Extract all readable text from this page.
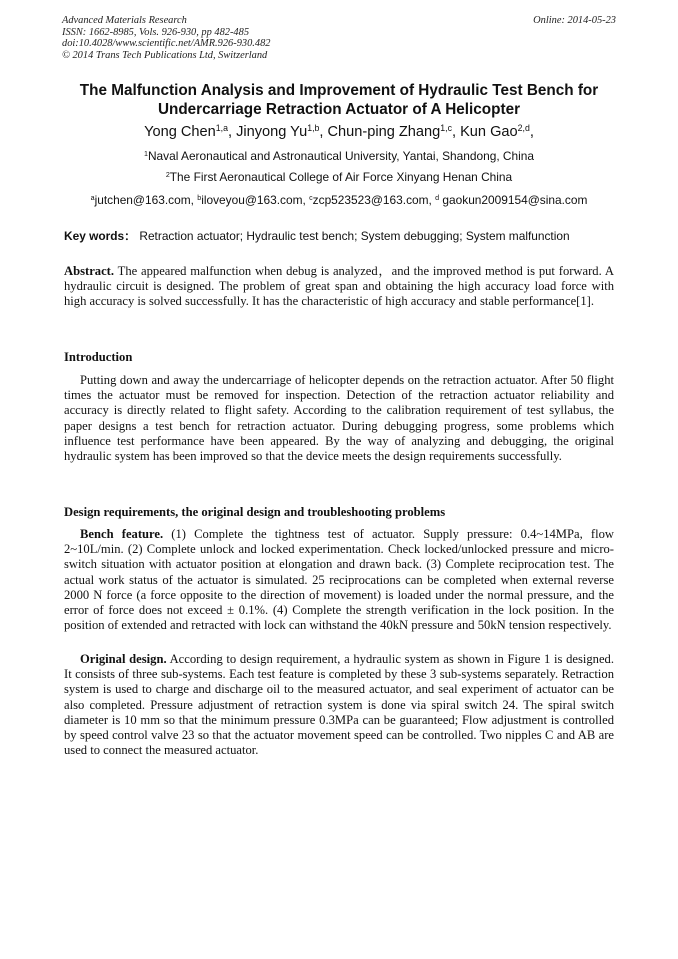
Advanced Materials Research
ISSN: 1662-8985, Vols. 926-930, pp 482-485
doi:10.4028/www.scientific.net/AMR.926-930.482
© 2014 Trans Tech Publications Ltd, Switzerland
Online: 2014-05-23
The Malfunction Analysis and Improvement of Hydraulic Test Bench for Undercarriage Retraction Actuator of A Helicopter
Yong Chen$^{1,a}$, Jinyong Yu$^{1,b}$, Chun-ping Zhang$^{1,c}$, Kun Gao$^{2,d}$,
$^1$Naval Aeronautical and Astronautical University, Yantai, Shandong, China
$^2$The First Aeronautical College of Air Force Xinyang Henan China
$^a$jutchen@163.com, $^b$iloveyou@163.com, $^c$zcp523523@163.com, $^d$ gaokun2009154@sina.com
Key words： Retraction actuator; Hydraulic test bench; System debugging; System malfunction

Abstract. The appeared malfunction when debug is analyzed，and the improved method is put forward. A hydraulic circuit is designed. The problem of great span and obtaining the high accuracy load force with high accuracy is solved successfully. It has the characteristic of high accuracy and stable performance[1].

Introduction

Putting down and away the undercarriage of helicopter depends on the retraction actuator. After 50 flight times the actuator must be removed for inspection. Detection of the retraction actuator reliability and accuracy is directly related to flight safety. According to the calibration requirement of test syllabus, the paper designs a test bench for retraction actuator. During debugging progress, some problems which influence test performance have been appeared. By the way of analyzing and debugging, the original hydraulic system has been improved so that the device meets the design requirements successfully.

Design requirements, the original design and troubleshooting problems

Bench feature. (1) Complete the tightness test of actuator. Supply pressure: 0.4~14MPa, flow 2~10L/min. (2) Complete unlock and locked experimentation. Check locked/unlocked pressure and micro-switch situation with actuator position at elongation and drawn back. (3) Complete reciprocation test. The actual work status of the actuator is simulated. 25 reciprocations can be completed when external reverse 2000 N force (a force opposite to the direction of movement) is loaded under the normal pressure, and the error of force does not exceed ± 0.1%. (4) Complete the strength verification in the lock position. In the position of extended and retracted with lock can withstand the 40kN pressure and 50kN tension respectively.

Original design. According to design requirement, a hydraulic system as shown in Figure 1 is designed. It consists of three sub-systems. Each test feature is completed by these 3 sub-systems separately. Retraction system is used to charge and discharge oil to the measured actuator, and seal experiment of actuator can be also completed. Pressure adjustment of retraction system is done via spiral switch 24. The spiral switch diameter is 10 mm so that the minimum pressure 0.3MPa can be guaranteed; Flow adjustment is controlled by speed control valve 23 so that the actuator movement speed can be controlled. Two nipples C and AB are used to connect the measured actuator.
